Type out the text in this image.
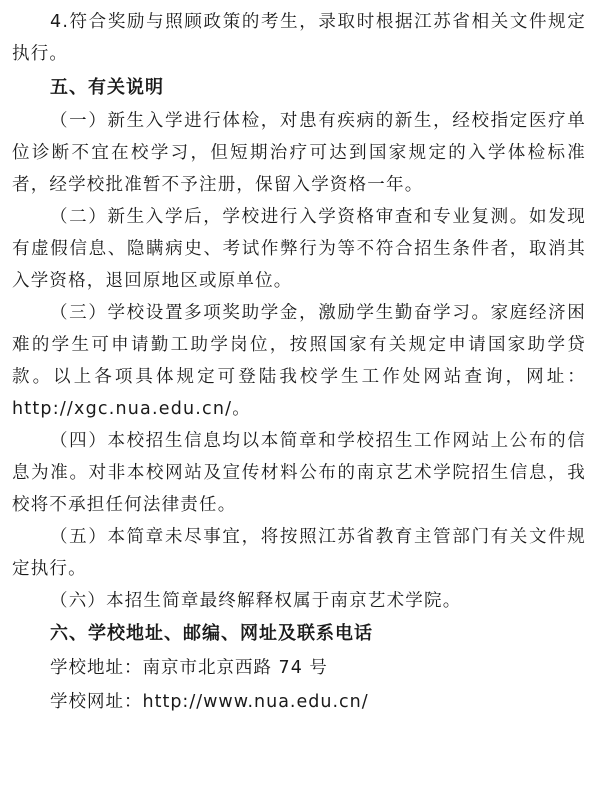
4.符合奖励与照顾政策的考生，录取时根据江苏省相关文件规定执行。

五、有关说明

（一）新生入学进行体检，对患有疾病的新生，经校指定医疗单位诊断不宜在校学习，但短期治疗可达到国家规定的入学体检标准者，经学校批准暂不予注册，保留入学资格一年。

（二）新生入学后，学校进行入学资格审查和专业复测。如发现有虚假信息、隐瞒病史、考试作弊行为等不符合招生条件者，取消其入学资格，退回原地区或原单位。

（三）学校设置多项奖助学金，激励学生勤奋学习。家庭经济困难的学生可申请勤工助学岗位，按照国家有关规定申请国家助学贷款。以上各项具体规定可登陆我校学生工作处网站查询，网址：http://xgc.nua.edu.cn/。

（四）本校招生信息均以本简章和学校招生工作网站上公布的信息为准。对非本校网站及宣传材料公布的南京艺术学院招生信息，我校将不承担任何法律责任。

（五）本简章未尽事宜，将按照江苏省教育主管部门有关文件规定执行。

（六）本招生简章最终解释权属于南京艺术学院。

六、学校地址、邮编、网址及联系电话

学校地址：南京市北京西路 74 号

学校网址：http://www.nua.edu.cn/
